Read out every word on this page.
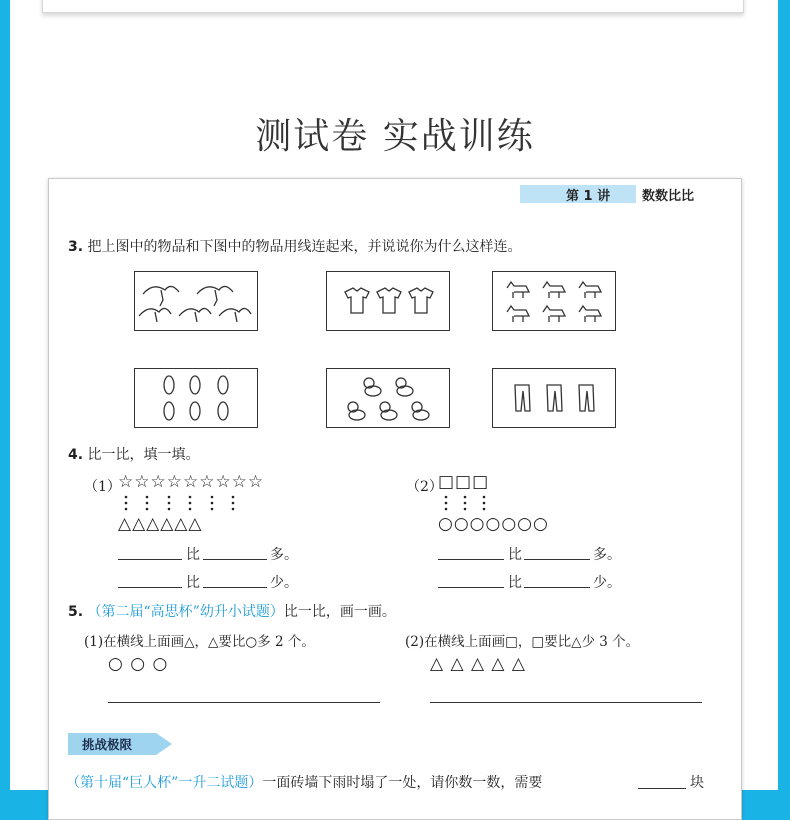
测试卷 实战训练
第 1 讲 数数比比
3. 把上图中的物品和下图中的物品用线连起来，并说说你为什么这样连。
4. 比一比，填一填。
（1）
☆☆☆☆☆☆☆☆☆
△△△△△△
比	多。
比	少。
（2）
□□□
○○○○○○○
比	多。
比	少。
5. （第二届“高思杯”幼升小试题）比一比，画一画。
(1)在横线上面画△，△要比○多 2 个。
○ ○ ○
(2)在横线上面画□，□要比△少 3 个。
△ △ △ △ △
挑战极限
（第十届“巨人杯”一升二试题）一面砖墙下雨时塌了一处，请你数一数，需要	块
